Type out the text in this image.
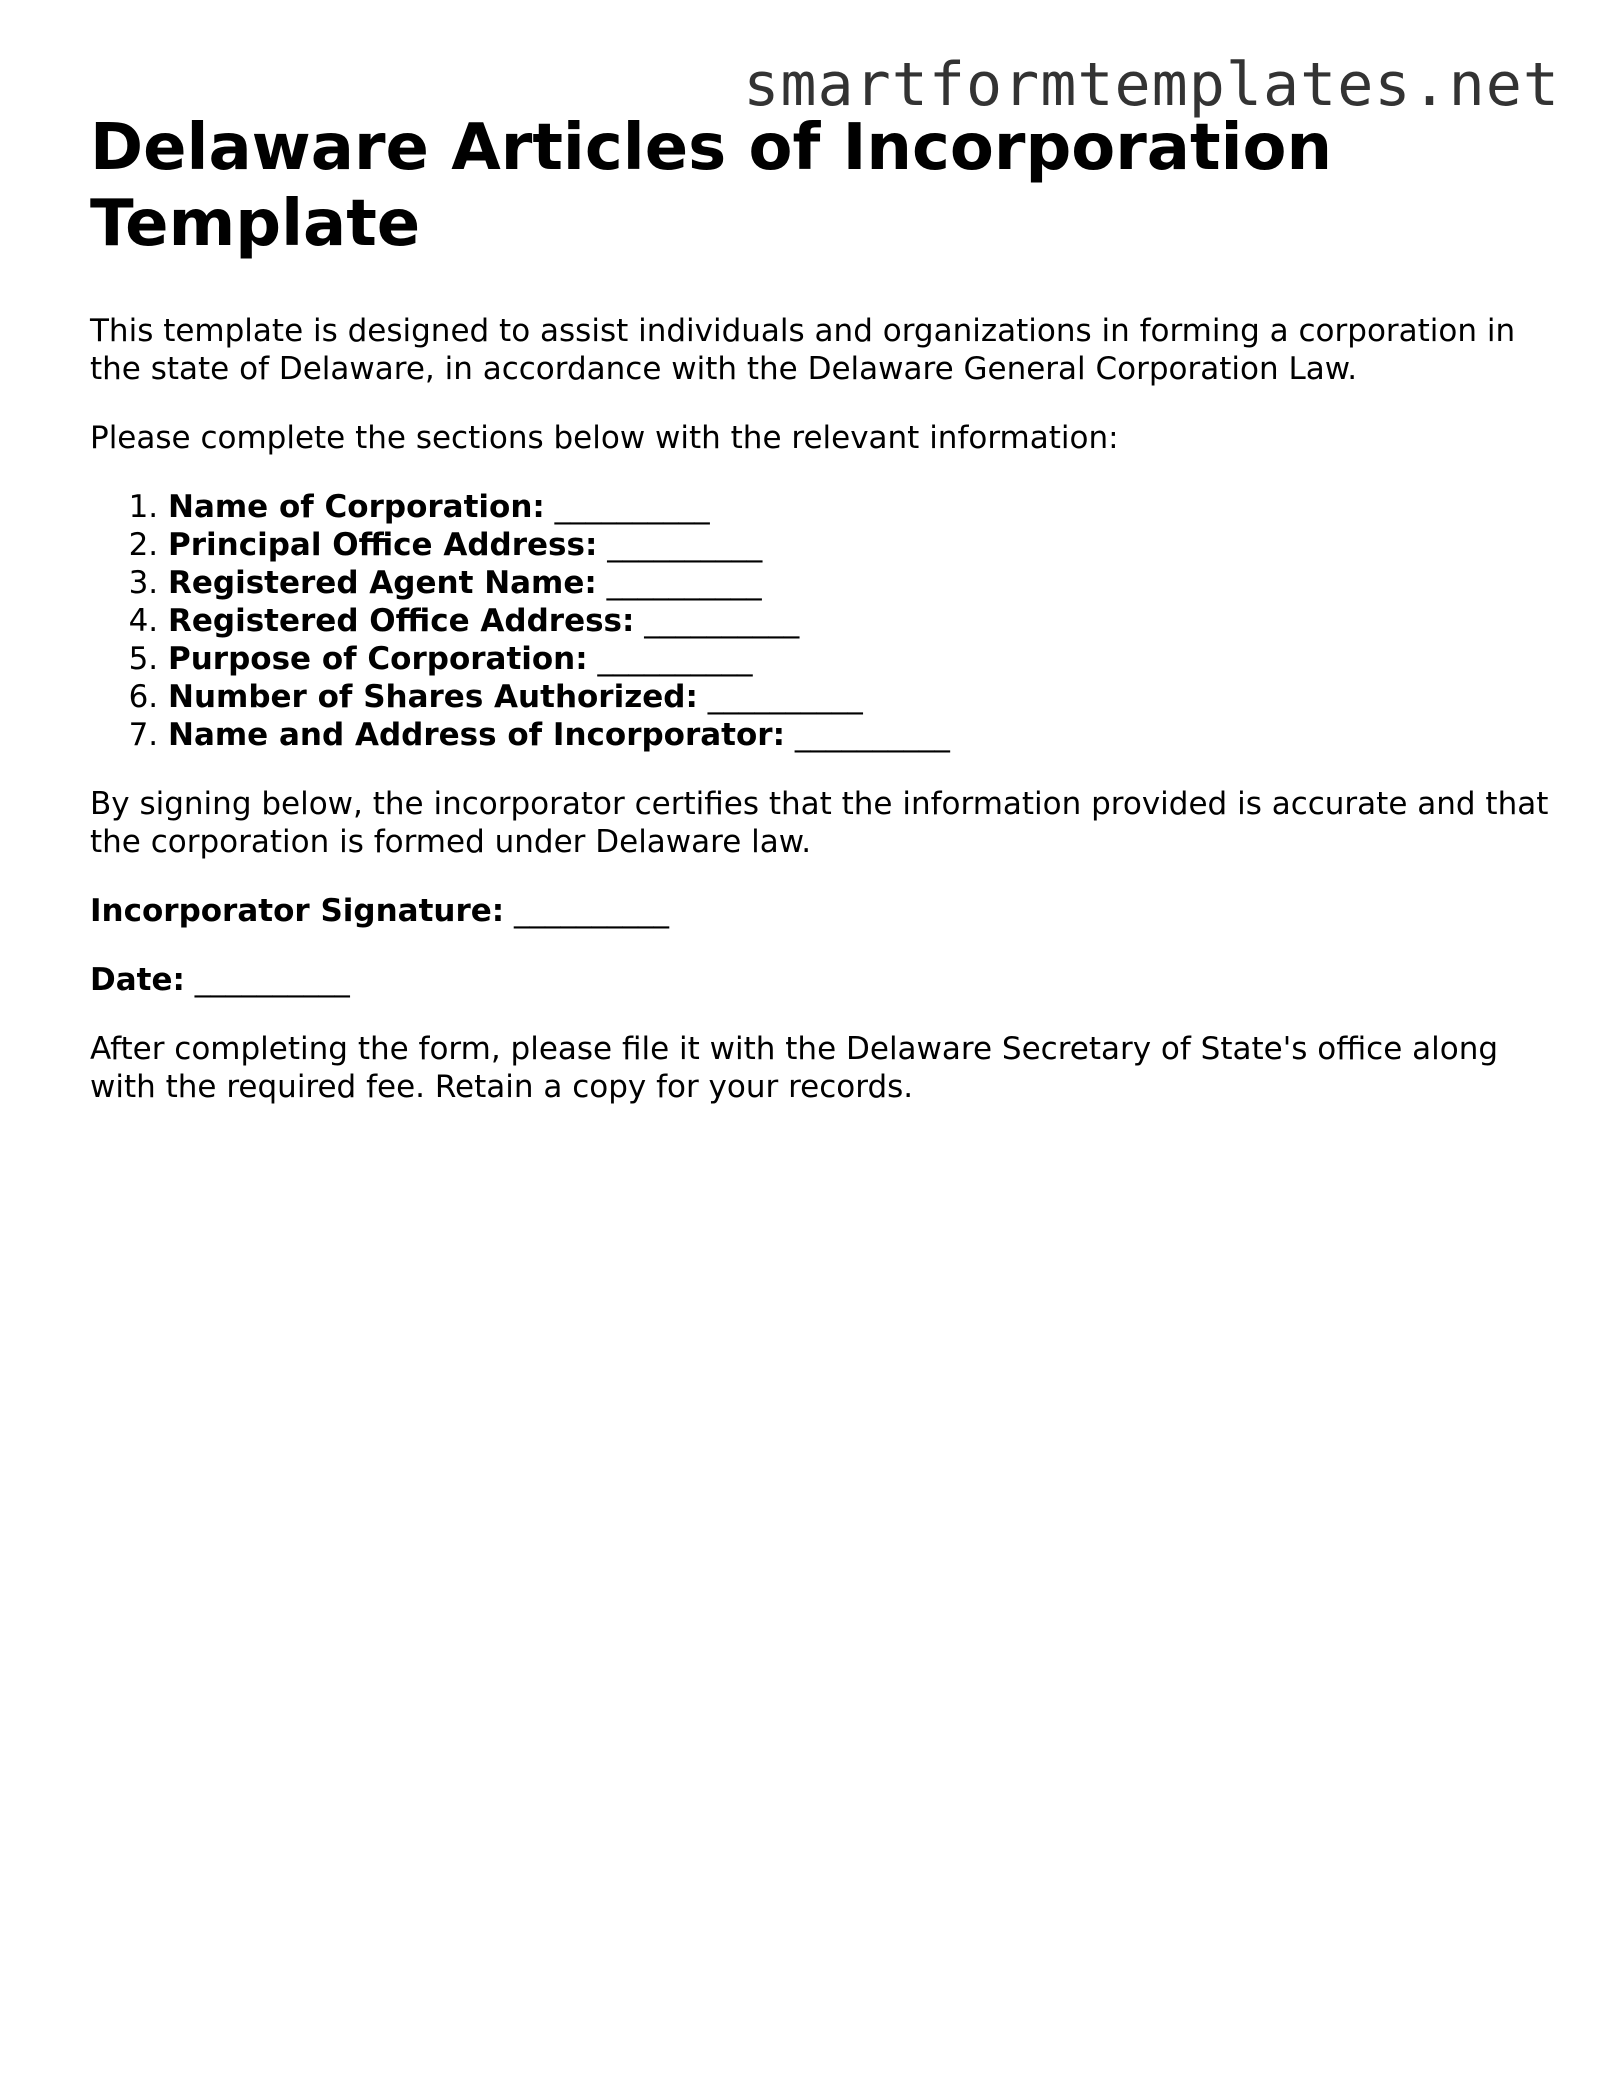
smartformtemplates.net
Delaware Articles of Incorporation Template

This template is designed to assist individuals and organizations in forming a corporation in the state of Delaware, in accordance with the Delaware General Corporation Law.

Please complete the sections below with the relevant information:

1. Name of Corporation: __________
2. Principal Office Address: __________
3. Registered Agent Name: __________
4. Registered Office Address: __________
5. Purpose of Corporation: __________
6. Number of Shares Authorized: __________
7. Name and Address of Incorporator: __________

By signing below, the incorporator certifies that the information provided is accurate and that the corporation is formed under Delaware law.

Incorporator Signature: __________

Date: __________

After completing the form, please file it with the Delaware Secretary of State's office along with the required fee. Retain a copy for your records.
